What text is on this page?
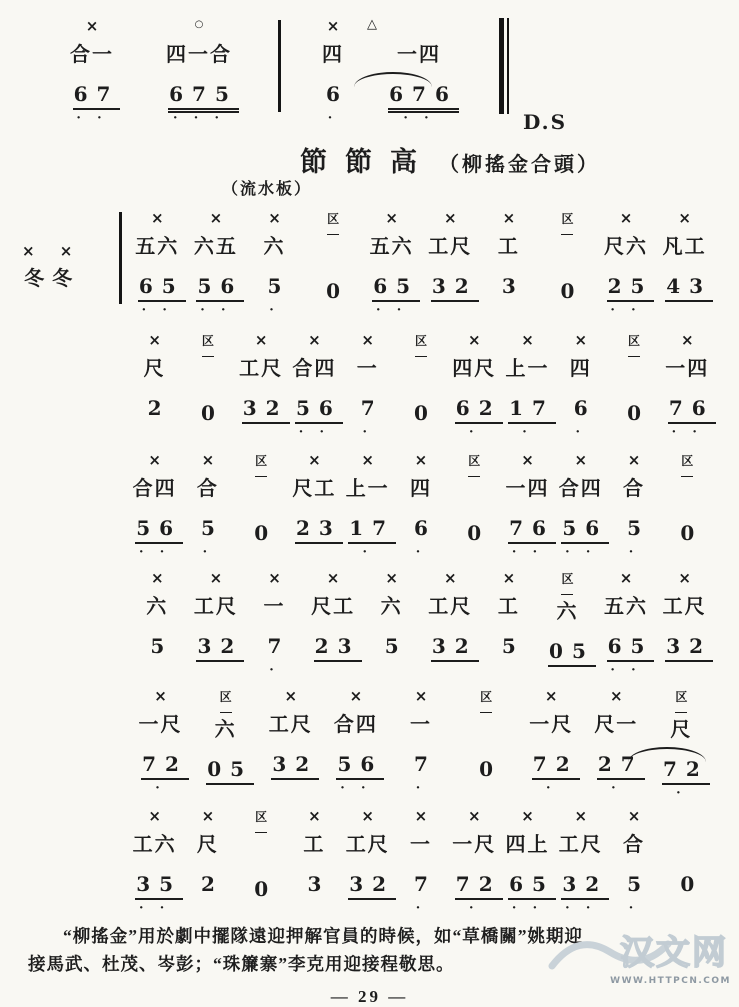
×
合一
67
· ·
○
四一合
675
· · ·
×
四
6
·
△
一四
676
· ·	D.S
節節高 （柳搖金合頭）
（流水板）
× ×
冬冬
×
五六
65
· ·
×
六五
56
· ·
×
六
5
·
区
0
×
五六
65
· ·
×
工尺
32
×
工
3
区
0
×
尺六
25
· ·
×
凡工
43
×
尺
2
区
0
×
工尺
32
×
合四
56
· ·
×
一
7
·
区
0
×
四尺
62
·
×
上一
17
·
×
四
6
·
区
0
×
一四
76
· ·
×
合四
56
· ·
×
合
5
·
区
0
×
尺工
23
×
上一
17
·
×
四
6
·
区
0
×
一四
76
· ·
×
合四
56
· ·
×
合
5
·
区
0
×
六
5
×
工尺
32
×
一
7
·
×
尺工
23
×
六
5
×
工尺
32
×
工
5
区
六
05
×
五六
65
· ·
×
工尺
32
×
一尺
72
·
区
六
05
×
工尺
32
×
合四
56
· ·
×
一
7
·
区
0
×
一尺
72
·
×
尺一
27
·
区
尺
72
·
×
工六
35
· ·
×
尺
2
区
0
×
工
3
×
工尺
32
×
一
7
·
×
一尺
72
·
×
四上
65
· ·
×
工尺
32
· ·
×
合
5
·

0
“柳搖金”用於劇中擺隊遠迎押解官員的時候，如“草橋關”姚期迎
接馬武、杜茂、岑彭；“珠簾寨”李克用迎接程敬思。	汉文网
WWW.HTTPCN.COM
— 29 —
